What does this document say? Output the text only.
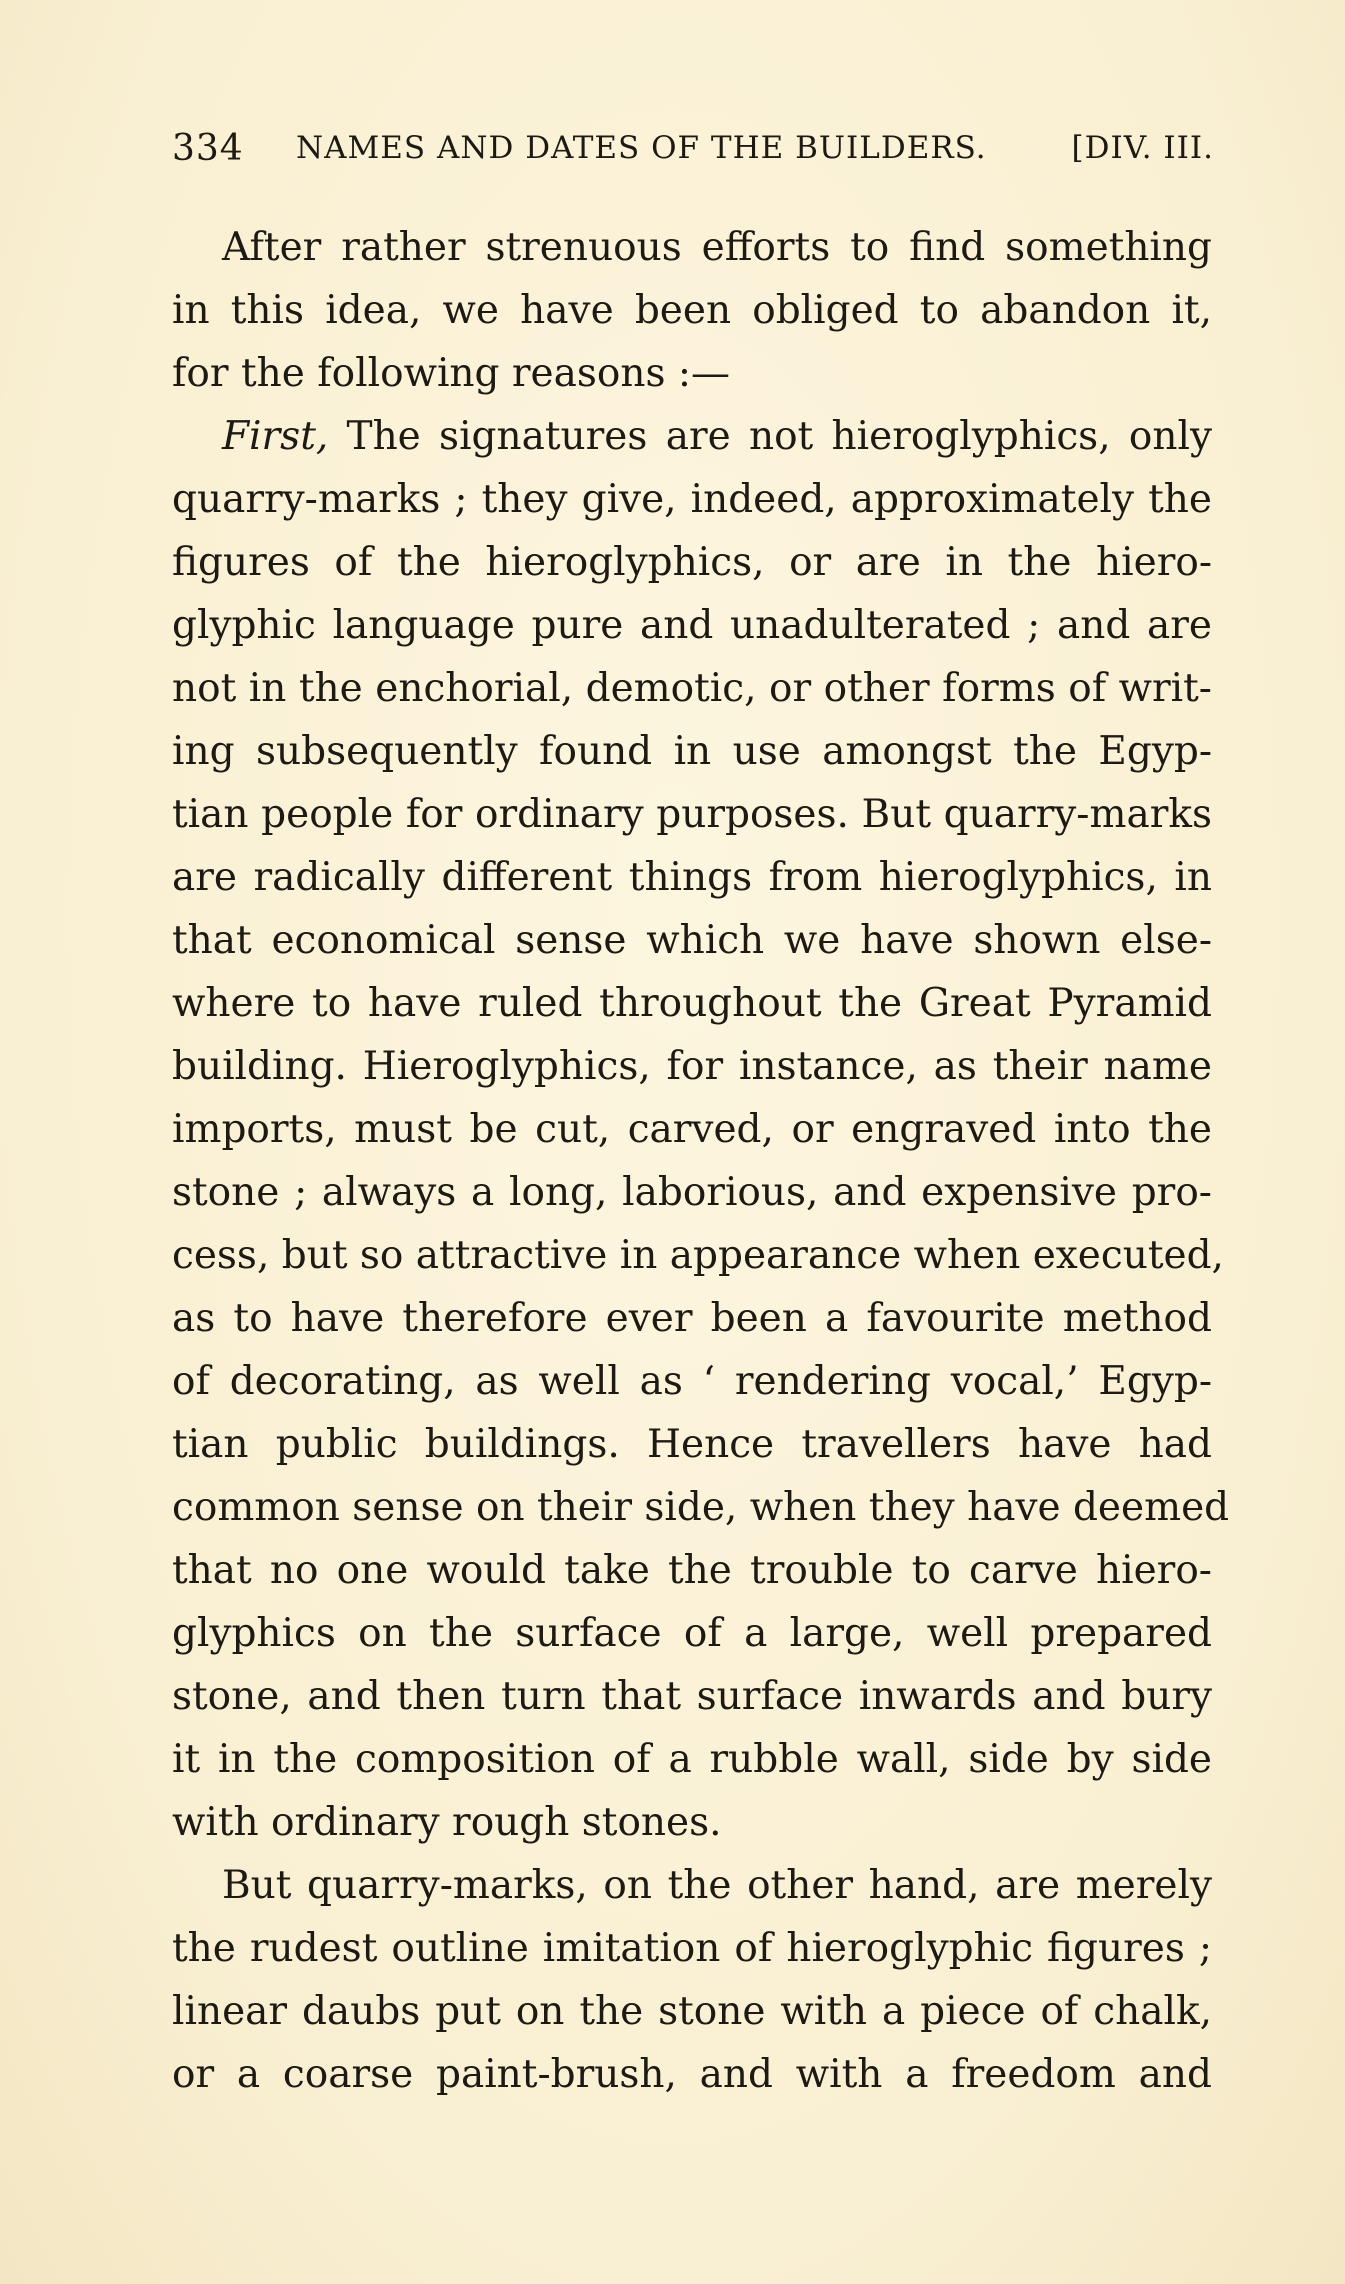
334 NAMES AND DATES OF THE BUILDERS.	[DIV. III.
After rather strenuous efforts to find something
in this idea, we have been obliged to abandon it,
for the following reasons :—
First, The signatures are not hieroglyphics, only
quarry-marks ; they give, indeed, approximately the
figures of the hieroglyphics, or are in the hiero-
glyphic language pure and unadulterated ; and are
not in the enchorial, demotic, or other forms of writ-
ing subsequently found in use amongst the Egyp-
tian people for ordinary purposes. But quarry-marks
are radically different things from hieroglyphics, in
that economical sense which we have shown else-
where to have ruled throughout the Great Pyramid
building. Hieroglyphics, for instance, as their name
imports, must be cut, carved, or engraved into the
stone ; always a long, laborious, and expensive pro-
cess, but so attractive in appearance when executed,
as to have therefore ever been a favourite method
of decorating, as well as ‘ rendering vocal,’ Egyp-
tian public buildings. Hence travellers have had
common sense on their side, when they have deemed
that no one would take the trouble to carve hiero-
glyphics on the surface of a large, well prepared
stone, and then turn that surface inwards and bury
it in the composition of a rubble wall, side by side
with ordinary rough stones.
But quarry-marks, on the other hand, are merely
the rudest outline imitation of hieroglyphic figures ;
linear daubs put on the stone with a piece of chalk,
or a coarse paint-brush, and with a freedom and
